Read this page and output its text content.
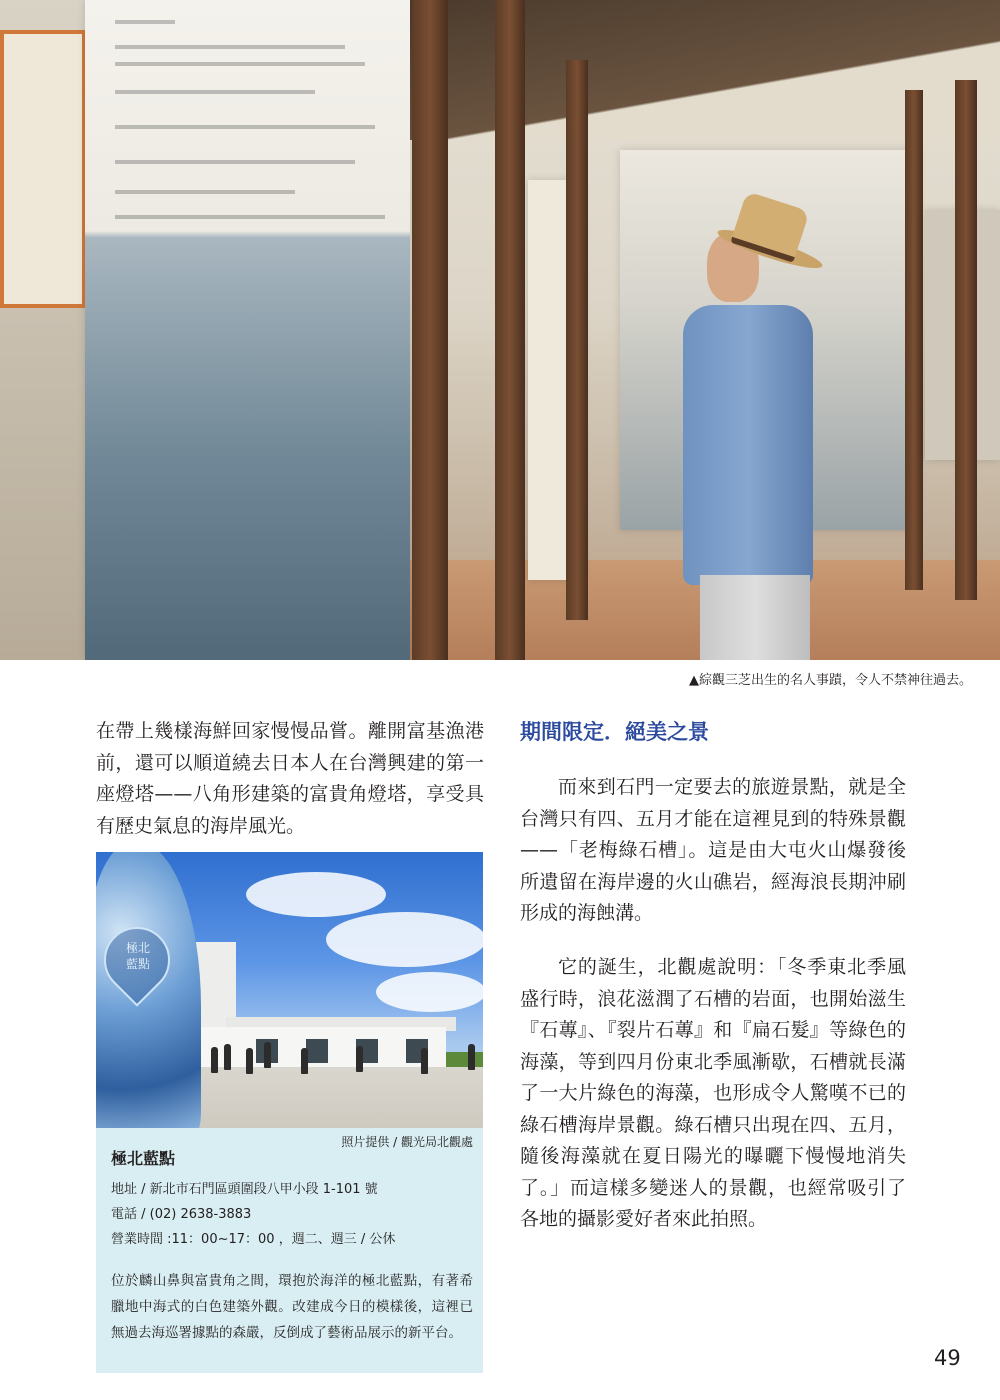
▲綜觀三芝出生的名人事蹟，令人不禁神往過去。
在帶上幾樣海鮮回家慢慢品嘗。離開富基漁港前，還可以順道繞去日本人在台灣興建的第一座燈塔——八角形建築的富貴角燈塔，享受具有歷史氣息的海岸風光。
極北
藍點
照片提供 / 觀光局北觀處
極北藍點
地址 / 新北市石門區頭圍段八甲小段 1-101 號
電話 / (02) 2638-3883
營業時間 :11：00~17：00 ，週二、週三 / 公休
位於麟山鼻與富貴角之間，環抱於海洋的極北藍點，有著希臘地中海式的白色建築外觀。改建成今日的模樣後，這裡已無過去海巡署據點的森嚴，反倒成了藝術品展示的新平台。
期間限定．絕美之景
而來到石門一定要去的旅遊景點，就是全台灣只有四、五月才能在這裡見到的特殊景觀——「老梅綠石槽」。這是由大屯火山爆發後所遺留在海岸邊的火山礁岩，經海浪長期沖刷形成的海蝕溝。
它的誕生，北觀處說明：「冬季東北季風盛行時，浪花滋潤了石槽的岩面，也開始滋生『石蓴』、『裂片石蓴』和『扁石髮』等綠色的海藻，等到四月份東北季風漸歇，石槽就長滿了一大片綠色的海藻，也形成令人驚嘆不已的綠石槽海岸景觀。綠石槽只出現在四、五月，隨後海藻就在夏日陽光的曝曬下慢慢地消失了。」而這樣多變迷人的景觀，也經常吸引了各地的攝影愛好者來此拍照。
49
